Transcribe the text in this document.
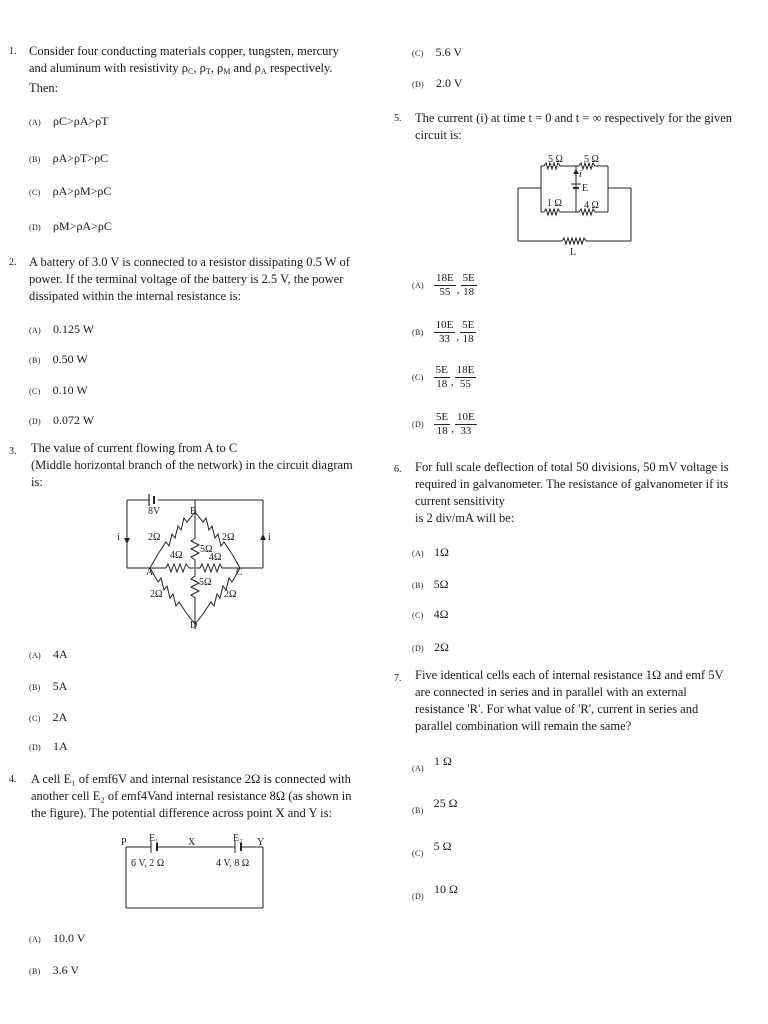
1. Consider four conducting materials copper, tungsten, mercury
and aluminum with resistivity ρC, ρT, ρM and ρA respectively.
Then:
(A) ρC>ρA>ρT
(B) ρA>ρT>ρC
(C) ρA>ρM>ρC
(D) ρM>ρA>ρC
2. A battery of 3.0 V is connected to a resistor dissipating 0.5 W of
power. If the terminal voltage of the battery is 2.5 V, the power
dissipated within the internal resistance is:
(A) 0.125 W
(B) 0.50 W
(C) 0.10 W
(D) 0.072 W
3. The value of current flowing from A to C
(Middle horizontal branch of the network) in the circuit diagram
is:
8V	B
A	C
D
2Ω	2Ω
2Ω	2Ω
4Ω	4Ω
5Ω
5Ω
i	i
(A) 4A
(B) 5A
(C) 2A
(D) 1A
4. A cell E₁ of emf6V and internal resistance 2Ω is connected with
another cell E₂ of emf4Vand internal resistance 8Ω (as shown in
the figure). The potential difference across point X and Y is:
P E₁	X	E₂ Y
6 V, 2 Ω	4 V, 8 Ω
(A) 10.0 V
(B) 3.6 V
(C) 5.6 V
(D) 2.0 V
5. The current (i) at time t = 0 and t = ∞ respectively for the given
circuit is:
5 Ω 5 Ω
1 Ω 4 Ω
E
i
L
$(A) \frac{18E}{55}$ , $\frac{5E}{18}$
$(B) \frac{10E}{33}$ , $\frac{5E}{18}$
$(C) \frac{5E}{18}$ , $\frac{18E}{55}$
$(D) \frac{5E}{18}$ , $\frac{10E}{33}$
6. For full scale deflection of total 50 divisions, 50 mV voltage is
required in galvanometer. The resistance of galvanometer if its
current sensitivity
is 2 div/mA will be:
(A) 1Ω
(B) 5Ω
(C) 4Ω
(D) 2Ω
7. Five identical cells each of internal resistance 1Ω and emf 5V
are connected in series and in parallel with an external
resistance 'R'. For what value of 'R', current in series and
parallel combination will remain the same?
$_{(A)}$ 1 Ω
$_{(B)}$ 25 Ω
$_{(C)}$ 5 Ω
$_{(D)}$ 10 Ω
